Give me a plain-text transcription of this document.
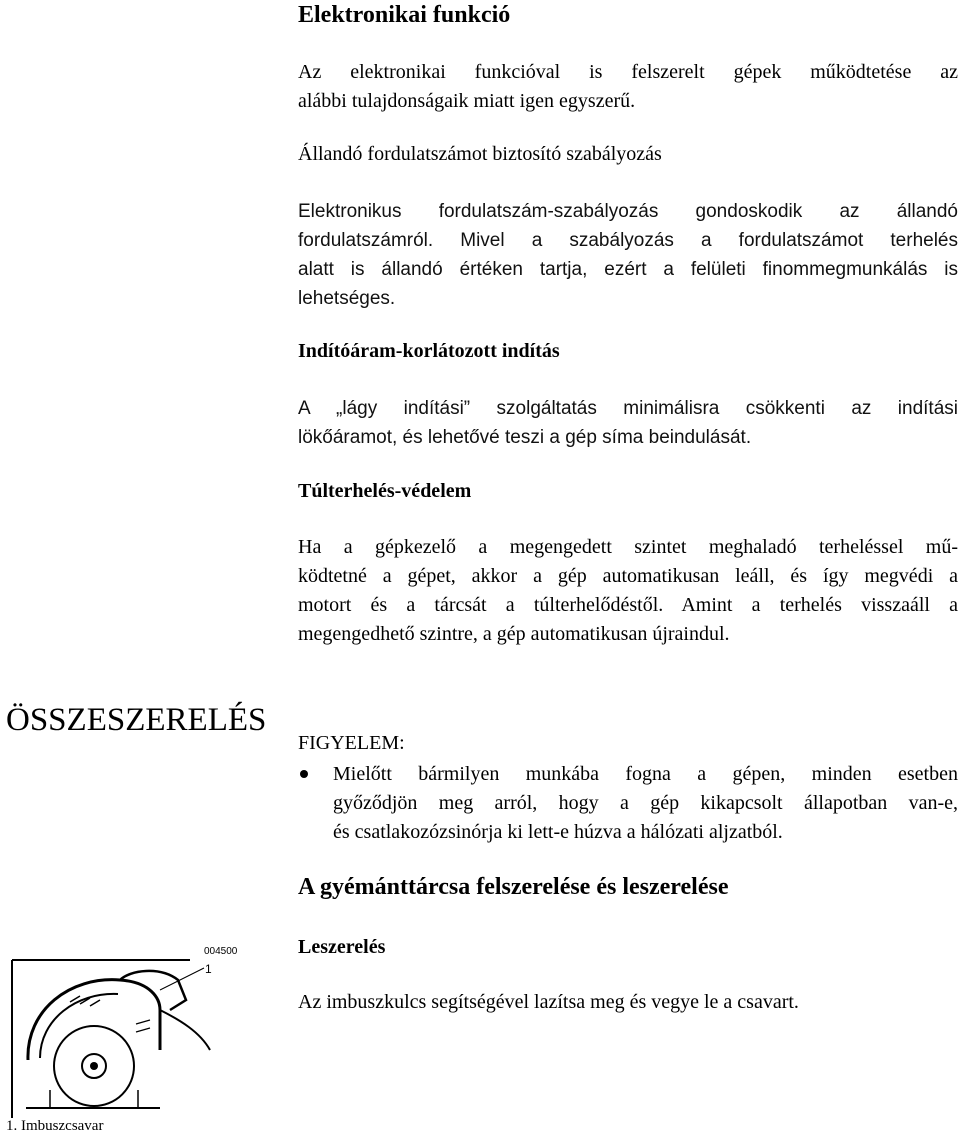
Elektronikai funkció
Az elektronikai funkcióval is felszerelt gépek működtetése az
alábbi tulajdonságaik miatt igen egyszerű.
Állandó fordulatszámot biztosító szabályozás
Elektronikus fordulatszám-szabályozás gondoskodik az állandó
fordulatszámról. Mivel a szabályozás a fordulatszámot terhelés
alatt is állandó értéken tartja, ezért a felületi finommegmunkálás is
lehetséges.
Indítóáram-korlátozott indítás
A „lágy indítási” szolgáltatás minimálisra csökkenti az indítási
lökőáramot, és lehetővé teszi a gép síma beindulását.
Túlterhelés-védelem
Ha a gépkezelő a megengedett szintet meghaladó terheléssel mű-
ködtetné a gépet, akkor a gép automatikusan leáll, és így megvédi a
motort és a tárcsát a túlterhelődéstől. Amint a terhelés visszaáll a
megengedhető szintre, a gép automatikusan újraindul.
ÖSSZESZERELÉS
FIGYELEM:
Mielőtt bármilyen munkába fogna a gépen, minden esetben
győződjön meg arról, hogy a gép kikapcsolt állapotban van-e,
és csatlakozózsinórja ki lett-e húzva a hálózati aljzatból.
A gyémánttárcsa felszerelése és leszerelése
Leszerelés
Az imbuszkulcs segítségével lazítsa meg és vegye le a csavart.
004500
1
1. Imbuszcsavar
